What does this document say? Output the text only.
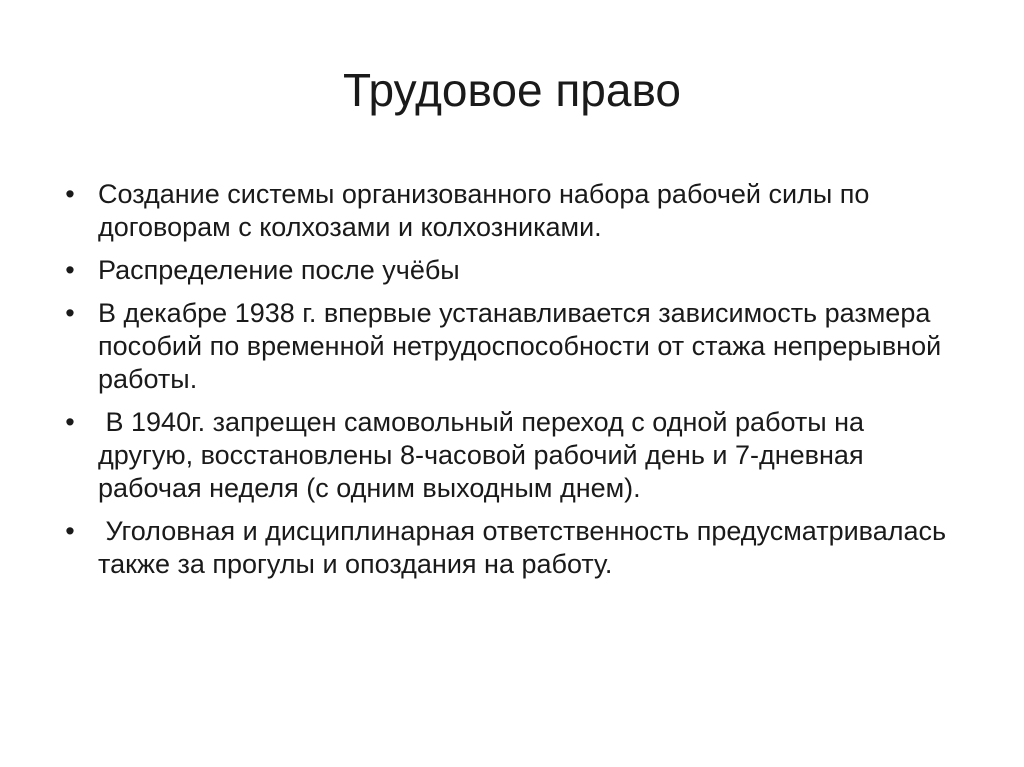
Трудовое право
• Создание системы организованного набора рабочей силы по договорам с колхозами и колхозниками.
• Распределение после учёбы
• В декабре 1938 г. впервые устанавливается зависимость размера пособий по временной нетрудоспособности от стажа непрерывной работы.
• В 1940г. запрещен самовольный переход с одной работы на другую, восстановлены 8-часовой рабочий день и 7-дневная рабочая неделя (с одним выходным днем).
• Уголовная и дисциплинарная ответственность предусматривалась также за прогулы и опоздания на работу.
